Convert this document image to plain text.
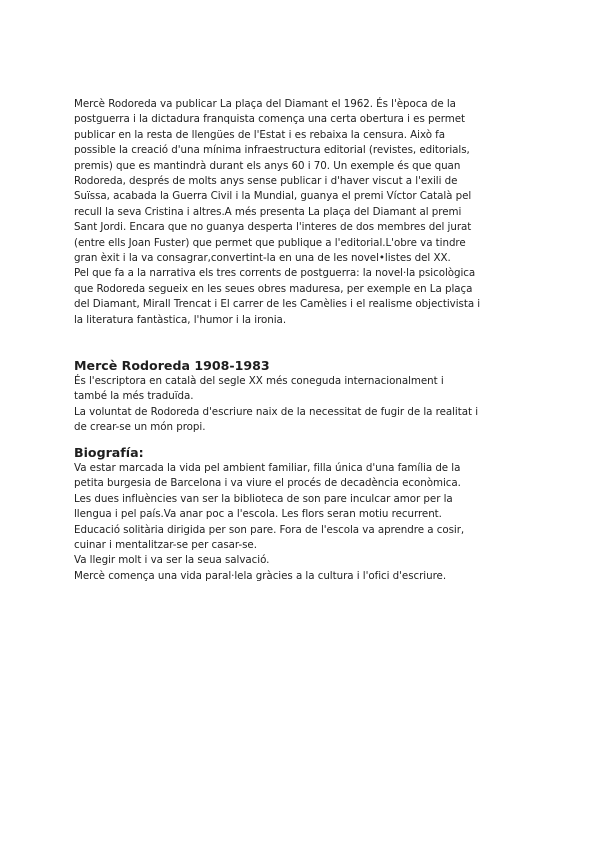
Mercè Rodoreda va publicar La plaça del Diamant el 1962. És l'època de la
postguerra i la dictadura franquista comença una certa obertura i es permet
publicar en la resta de llengües de l'Estat i es rebaixa la censura. Això fa
possible la creació d'una mínima infraestructura editorial (revistes, editorials,
premis) que es mantindrà durant els anys 60 i 70. Un exemple és que quan
Rodoreda, després de molts anys sense publicar i d'haver viscut a l'exili de
Suïssa, acabada la Guerra Civil i la Mundial, guanya el premi Víctor Català pel
recull la seva Cristina i altres.A més presenta La plaça del Diamant al premi
Sant Jordi. Encara que no guanya desperta l'interes de dos membres del jurat
(entre ells Joan Fuster) que permet que publique a l'editorial.L'obre va tindre
gran èxit i la va consagrar,convertint-la en una de les novel•listes del XX.
Pel que fa a la narrativa els tres corrents de postguerra: la novel·la psicològica
que Rodoreda segueix en les seues obres maduresa, per exemple en La plaça
del Diamant, Mirall Trencat i El carrer de les Camèlies i el realisme objectivista i
la literatura fantàstica, l'humor i la ironia.
Mercè Rodoreda 1908-1983
És l'escriptora en català del segle XX més coneguda internacionalment i
també la més traduïda.
La voluntat de Rodoreda d'escriure naix de la necessitat de fugir de la realitat i
de crear-se un món propi.
Biografía:
Va estar marcada la vida pel ambient familiar, filla única d'una família de la
petita burgesia de Barcelona i va viure el procés de decadència econòmica.
Les dues influències van ser la biblioteca de son pare inculcar amor per la
llengua i pel país.Va anar poc a l'escola. Les flors seran motiu recurrent.
Educació solitària dirigida per son pare. Fora de l'escola va aprendre a cosir,
cuinar i mentalitzar-se per casar-se.
Va llegir molt i va ser la seua salvació.
Mercè comença una vida paral·lela gràcies a la cultura i l'ofici d'escriure.
